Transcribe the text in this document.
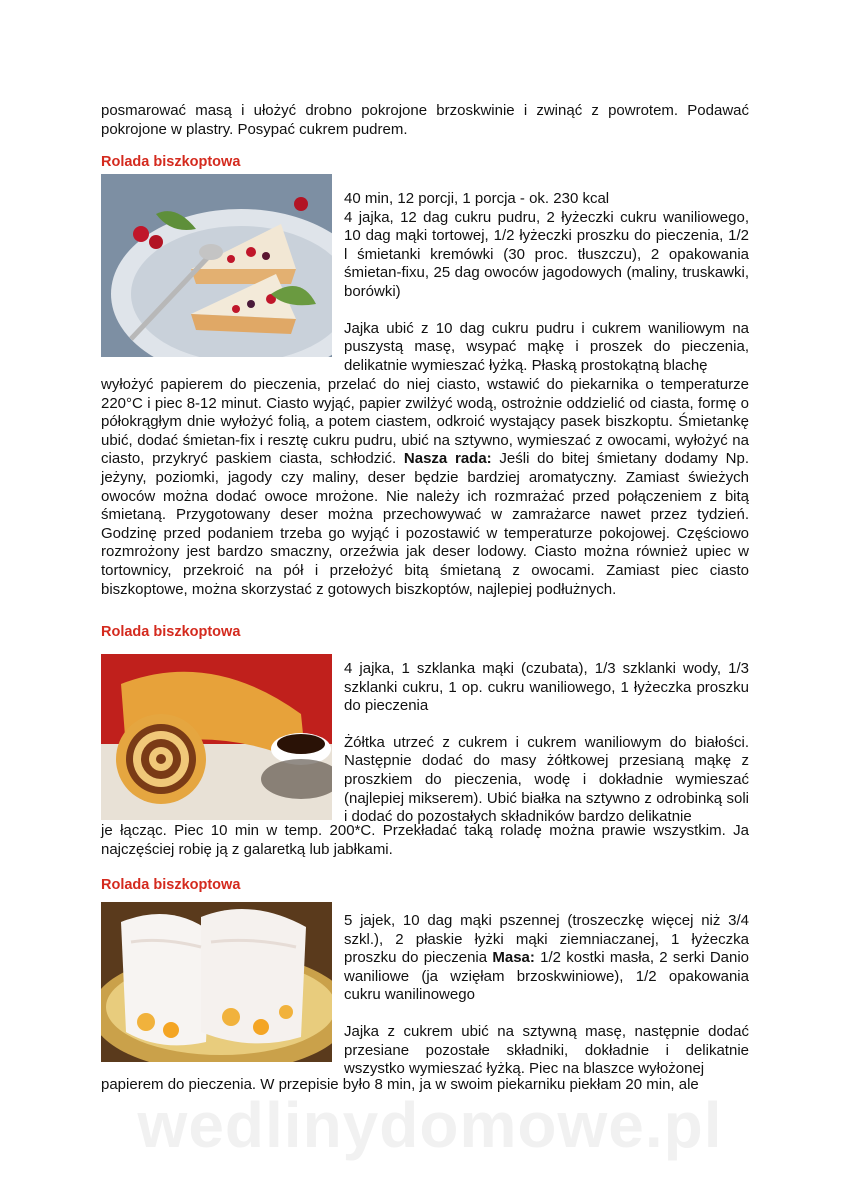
posmarować masą i ułożyć drobno pokrojone brzoskwinie i zwinąć z powrotem. Podawać pokrojone w plastry. Posypać cukrem pudrem.

Rolada biszkoptowa

40 min, 12 porcji, 1 porcja - ok. 230 kcal

4 jajka, 12 dag cukru pudru, 2 łyżeczki cukru waniliowego, 10 dag mąki tortowej, 1/2 łyżeczki proszku do pieczenia, 1/2 l śmietanki kremówki (30 proc. tłuszczu), 2 opakowania śmietan-fixu, 25 dag owoców jagodowych (maliny, truskawki, borówki)

Jajka ubić z 10 dag cukru pudru i cukrem waniliowym na puszystą masę, wsypać mąkę i proszek do pieczenia, delikatnie wymieszać łyżką. Płaską prostokątną blachę

wyłożyć papierem do pieczenia, przelać do niej ciasto, wstawić do piekarnika o temperaturze 220°C i piec 8-12 minut. Ciasto wyjąć, papier zwilżyć wodą, ostrożnie oddzielić od ciasta, formę o półokrągłym dnie wyłożyć folią, a potem ciastem, odkroić wystający pasek biszkoptu. Śmietankę ubić, dodać śmietan-fix i resztę cukru pudru, ubić na sztywno, wymieszać z owocami, wyłożyć na ciasto, przykryć paskiem ciasta, schłodzić. Nasza rada: Jeśli do bitej śmietany dodamy Np. jeżyny, poziomki, jagody czy maliny, deser będzie bardziej aromatyczny. Zamiast świeżych owoców można dodać owoce mrożone. Nie należy ich rozmrażać przed połączeniem z bitą śmietaną. Przygotowany deser można przechowywać w zamrażarce nawet przez tydzień. Godzinę przed podaniem trzeba go wyjąć i pozostawić w temperaturze pokojowej. Częściowo rozmrożony jest bardzo smaczny, orzeźwia jak deser lodowy. Ciasto można również upiec w tortownicy, przekroić na pół i przełożyć bitą śmietaną z owocami. Zamiast piec ciasto biszkoptowe, można skorzystać z gotowych biszkoptów, najlepiej podłużnych.

Rolada biszkoptowa

4 jajka, 1 szklanka mąki (czubata), 1/3 szklanki wody, 1/3 szklanki cukru, 1 op. cukru waniliowego, 1 łyżeczka proszku do pieczenia

Żółtka utrzeć z cukrem i cukrem waniliowym do białości. Następnie dodać do masy żółtkowej przesianą mąkę z proszkiem do pieczenia, wodę i dokładnie wymieszać (najlepiej mikserem). Ubić białka na sztywno z odrobinką soli i dodać do pozostałych składników bardzo delikatnie

je łącząc. Piec 10 min w temp. 200*C. Przekładać taką roladę można prawie wszystkim. Ja najczęściej robię ją z galaretką lub jabłkami.

Rolada biszkoptowa

5 jajek, 10 dag mąki pszennej (troszeczkę więcej niż 3/4 szkl.), 2 płaskie łyżki mąki ziemniaczanej, 1 łyżeczka proszku do pieczenia Masa: 1/2 kostki masła, 2 serki Danio waniliowe (ja wzięłam brzoskwiniowe), 1/2 opakowania cukru wanilinowego

Jajka z cukrem ubić na sztywną masę, następnie dodać przesiane pozostałe składniki, dokładnie i delikatnie wszystko wymieszać łyżką. Piec na blaszce wyłożonej

papierem do pieczenia. W przepisie było 8 min, ja w swoim piekarniku piekłam 20 min, ale

wedlinydomowe.pl
